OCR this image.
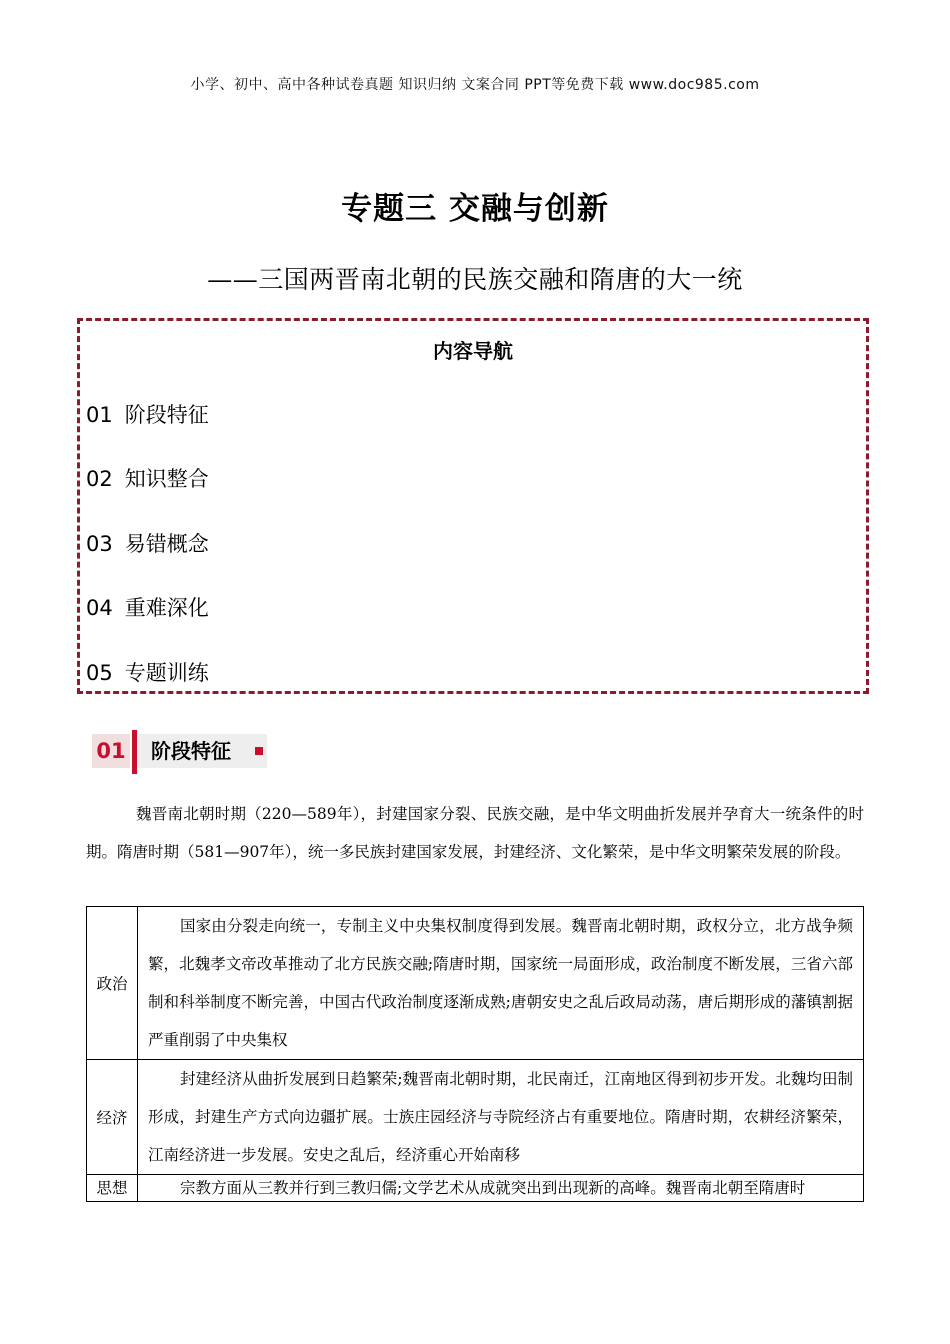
小学、初中、高中各种试卷真题 知识归纳 文案合同 PPT等免费下载 www.doc985.com
专题三 交融与创新
——三国两晋南北朝的民族交融和隋唐的大一统
内容导航
01 阶段特征
02 知识整合
03 易错概念
04 重难深化
05 专题训练
01	阶段特征
魏晋南北朝时期（220—589年），封建国家分裂、民族交融，是中华文明曲折发展并孕育大一统条件的时期。隋唐时期（581—907年），统一多民族封建国家发展，封建经济、文化繁荣，是中华文明繁荣发展的阶段。
政治	国家由分裂走向统一，专制主义中央集权制度得到发展。魏晋南北朝时期，政权分立，北方战争频繁，北魏孝文帝改革推动了北方民族交融;隋唐时期，国家统一局面形成，政治制度不断发展，三省六部制和科举制度不断完善，中国古代政治制度逐渐成熟;唐朝安史之乱后政局动荡，唐后期形成的藩镇割据严重削弱了中央集权
经济	封建经济从曲折发展到日趋繁荣;魏晋南北朝时期，北民南迁，江南地区得到初步开发。北魏均田制形成，封建生产方式向边疆扩展。士族庄园经济与寺院经济占有重要地位。隋唐时期，农耕经济繁荣，江南经济进一步发展。安史之乱后，经济重心开始南移
思想	宗教方面从三教并行到三教归儒;文学艺术从成就突出到出现新的高峰。魏晋南北朝至隋唐时
